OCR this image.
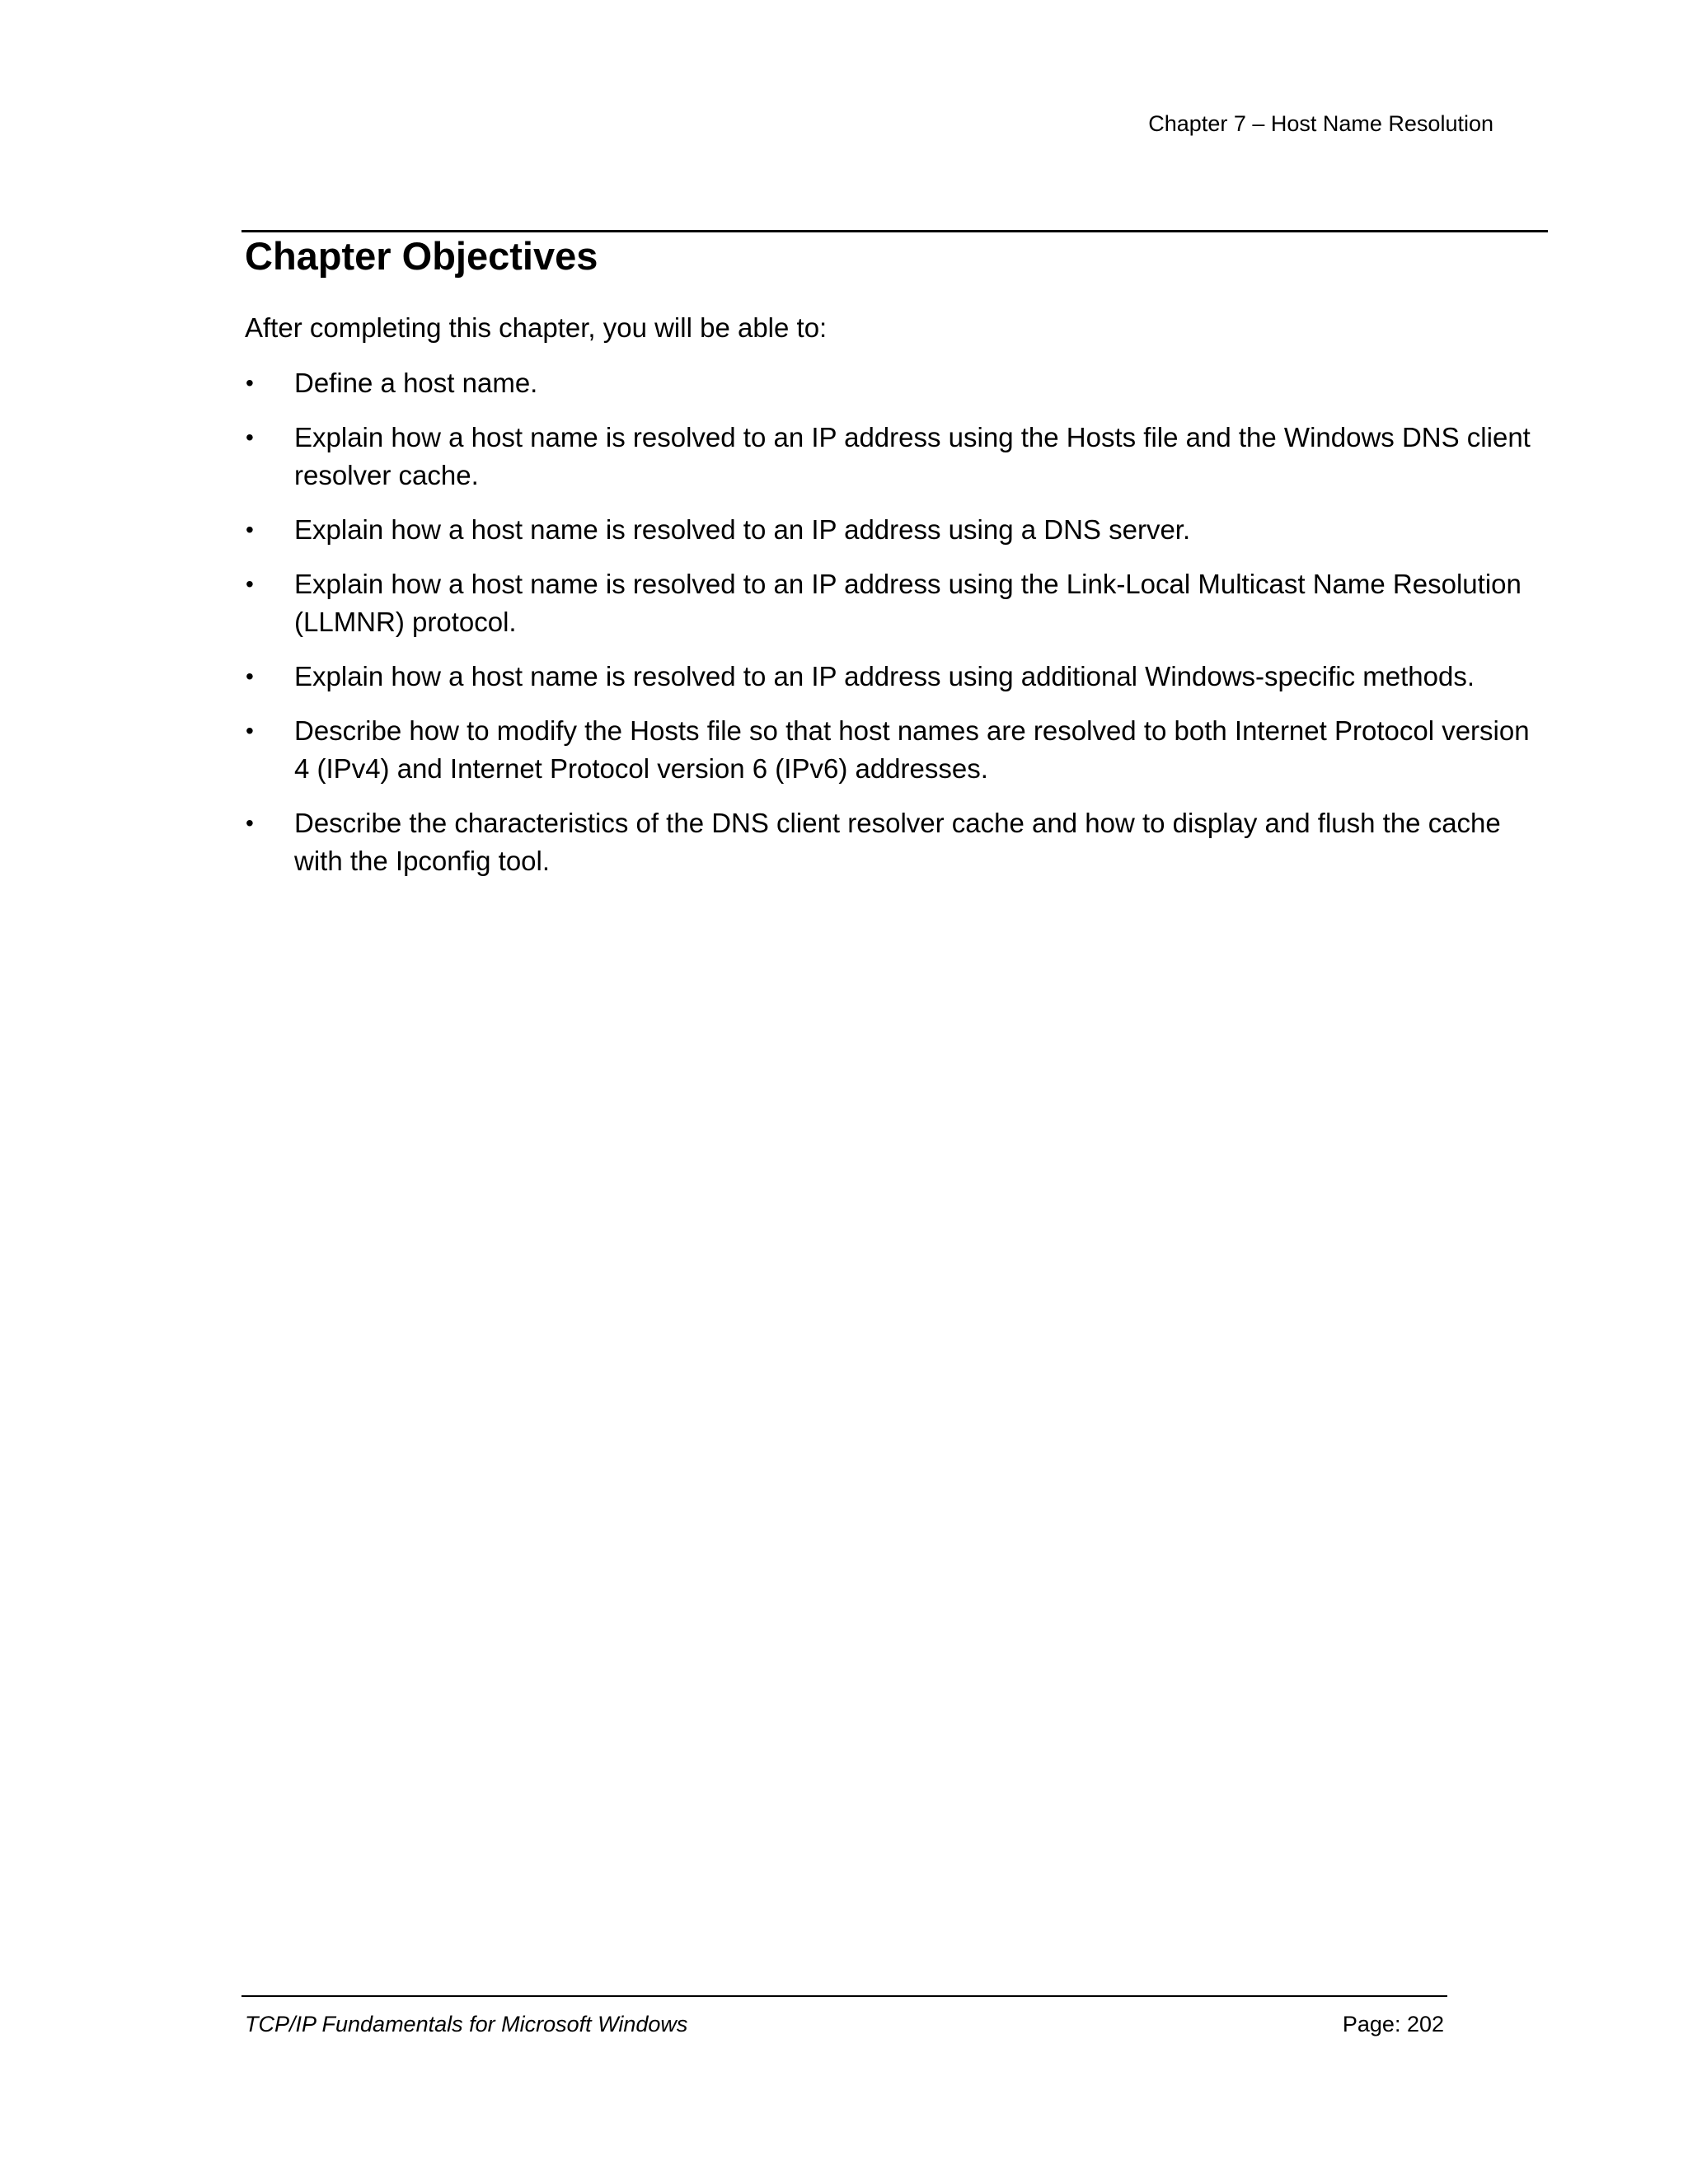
Chapter 7 – Host Name Resolution
Chapter Objectives

After completing this chapter, you will be able to:

• Define a host name.
• Explain how a host name is resolved to an IP address using the Hosts file and the Windows DNS client resolver cache.
• Explain how a host name is resolved to an IP address using a DNS server.
• Explain how a host name is resolved to an IP address using the Link-Local Multicast Name Resolution (LLMNR) protocol.
• Explain how a host name is resolved to an IP address using additional Windows-specific methods.
• Describe how to modify the Hosts file so that host names are resolved to both Internet Protocol version 4 (IPv4) and Internet Protocol version 6 (IPv6) addresses.
• Describe the characteristics of the DNS client resolver cache and how to display and flush the cache with the Ipconfig tool.
TCP/IP Fundamentals for Microsoft Windows	Page: 202
